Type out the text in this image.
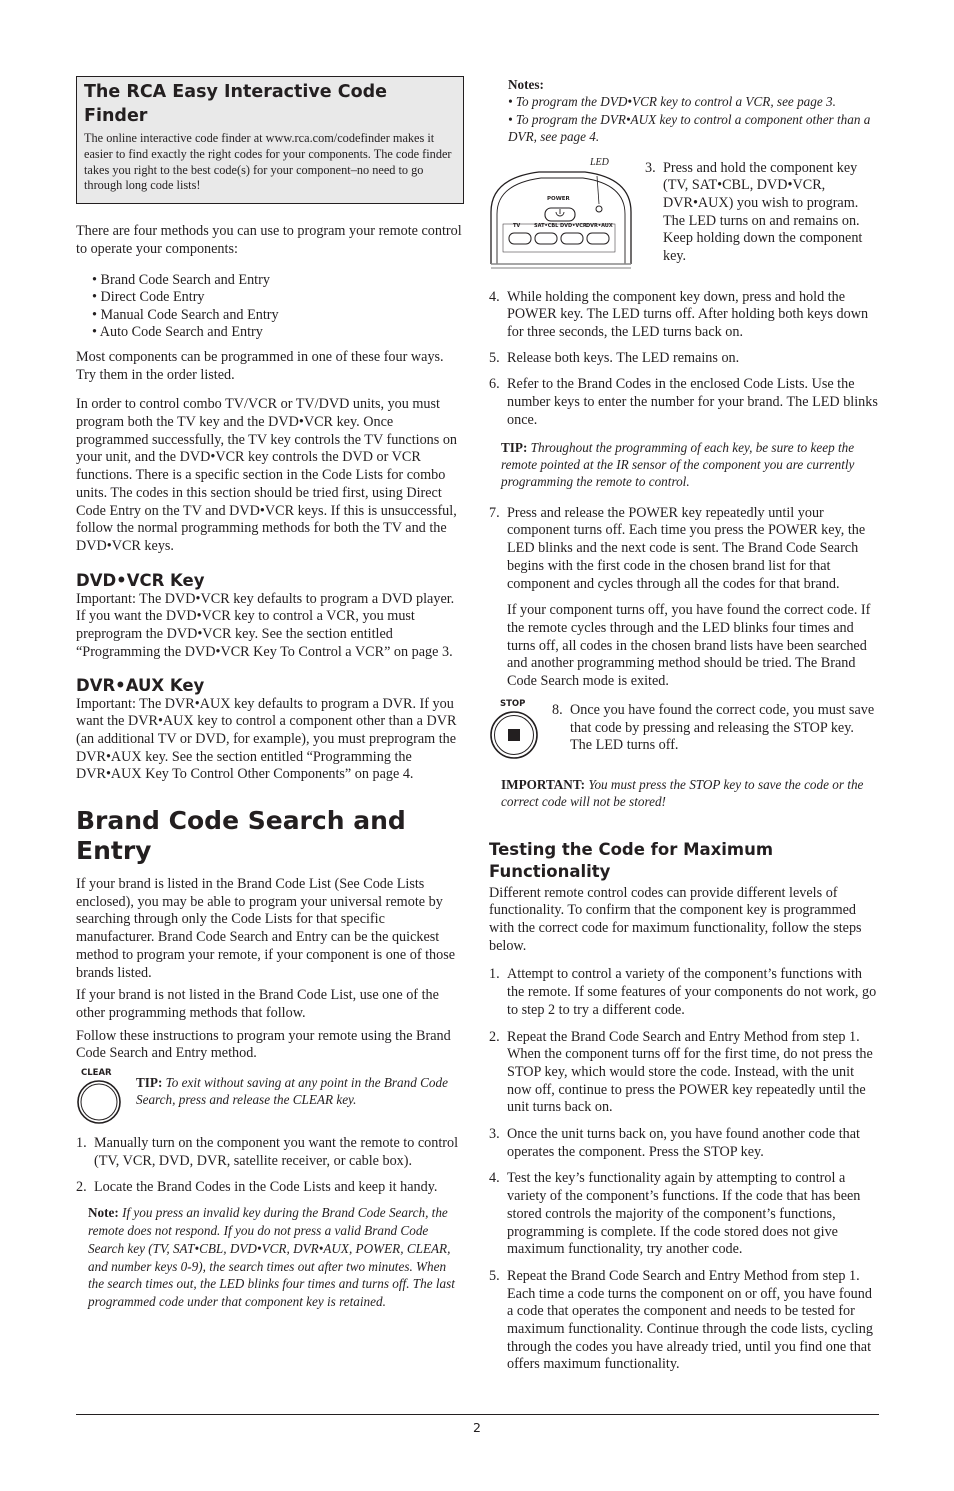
The RCA Easy Interactive Code Finder

The online interactive code finder at www.rca.com/codefinder makes it easier to find exactly the right codes for your components. The code finder takes you right to the best code(s) for your component–no need to go through long code lists!

There are four methods you can use to program your remote control to operate your components:

• Brand Code Search and Entry

• Direct Code Entry

• Manual Code Search and Entry

• Auto Code Search and Entry

Most components can be programmed in one of these four ways. Try them in the order listed.

In order to control combo TV/VCR or TV/DVD units, you must program both the TV key and the DVD•VCR key. Once programmed successfully, the TV key controls the TV functions on your unit, and the DVD•VCR key controls the DVD or VCR functions. There is a specific section in the Code Lists for combo units. The codes in this section should be tried first, using Direct Code Entry on the TV and DVD•VCR keys. If this is unsuccessful, follow the normal programming methods for both the TV and the DVD•VCR keys.

DVD•VCR Key

Important: The DVD•VCR key defaults to program a DVD player. If you want the DVD•VCR key to control a VCR, you must preprogram the DVD•VCR key. See the section entitled “Programming the DVD•VCR Key To Control a VCR” on page 3.

DVR•AUX Key

Important: The DVR•AUX key defaults to program a DVR. If you want the DVR•AUX key to control a component other than a DVR (an additional TV or DVD, for example), you must preprogram the DVR•AUX key. See the section entitled “Programming the DVR•AUX Key To Control Other Components” on page 4.

Brand Code Search and Entry

If your brand is listed in the Brand Code List (See Code Lists enclosed), you may be able to program your universal remote by searching through only the Code Lists for that specific manufacturer. Brand Code Search and Entry can be the quickest method to program your remote, if your component is one of those brands listed.

If your brand is not listed in the Brand Code List, use one of the other programming methods that follow.

Follow these instructions to program your remote using the Brand Code Search and Entry method.

CLEAR

TIP: To exit without saving at any point in the Brand Code Search, press and release the CLEAR key.

1. Manually turn on the component you want the remote to control (TV, VCR, DVD, DVR, satellite receiver, or cable box).

2. Locate the Brand Codes in the Code Lists and keep it handy.

Note: If you press an invalid key during the Brand Code Search, the remote does not respond. If you do not press a valid Brand Code Search key (TV, SAT•CBL, DVD•VCR, DVR•AUX, POWER, CLEAR, and number keys 0-9), the search times out after two minutes. When the search times out, the LED blinks four times and turns off. The last programmed code under that component key is retained.

Notes:

• To program the DVD•VCR key to control a VCR, see page 3.

• To program the DVR•AUX key to control a component other than a DVR, see page 4.

LED
POWER
TV	SAT•CBL DVD•VCR DVR•AUX

3. Press and hold the component key (TV, SAT•CBL, DVD•VCR, DVR•AUX) you wish to program. The LED turns on and remains on. Keep holding down the component key.

4. While holding the component key down, press and hold the POWER key. The LED turns off. After holding both keys down for three seconds, the LED turns back on.

5. Release both keys. The LED remains on.

6. Refer to the Brand Codes in the enclosed Code Lists. Use the number keys to enter the number for your brand. The LED blinks once.

TIP: Throughout the programming of each key, be sure to keep the remote pointed at the IR sensor of the component you are currently programming the remote to control.

7. Press and release the POWER key repeatedly until your component turns off. Each time you press the POWER key, the LED blinks and the next code is sent. The Brand Code Search begins with the first code in the chosen brand list for that component and cycles through all the codes for that brand.

If your component turns off, you have found the correct code. If the remote cycles through and the LED blinks four times and turns off, all codes in the chosen brand lists have been searched and another programming method should be tried. The Brand Code Search mode is exited.

STOP 8. Once you have found the correct code, you must save that code by pressing and releasing the STOP key. The LED turns off.

IMPORTANT: You must press the STOP key to save the code or the correct code will not be stored!

Testing the Code for Maximum Functionality

Different remote control codes can provide different levels of functionality. To confirm that the component key is programmed with the correct code for maximum functionality, follow the steps below.

1. Attempt to control a variety of the component’s functions with the remote. If some features of your components do not work, go to step 2 to try a different code.

2. Repeat the Brand Code Search and Entry Method from step 1. When the component turns off for the first time, do not press the STOP key, which would store the code. Instead, with the unit now off, continue to press the POWER key repeatedly until the unit turns back on.

3. Once the unit turns back on, you have found another code that operates the component. Press the STOP key.

4. Test the key’s functionality again by attempting to control a variety of the component’s functions. If the code that has been stored controls the majority of the component’s functions, programming is complete. If the code stored does not give maximum functionality, try another code.

5. Repeat the Brand Code Search and Entry Method from step 1. Each time a code turns the component on or off, you have found a code that operates the component and needs to be tested for maximum functionality. Continue through the code lists, cycling through the codes you have already tried, until you find one that offers maximum functionality.

2
